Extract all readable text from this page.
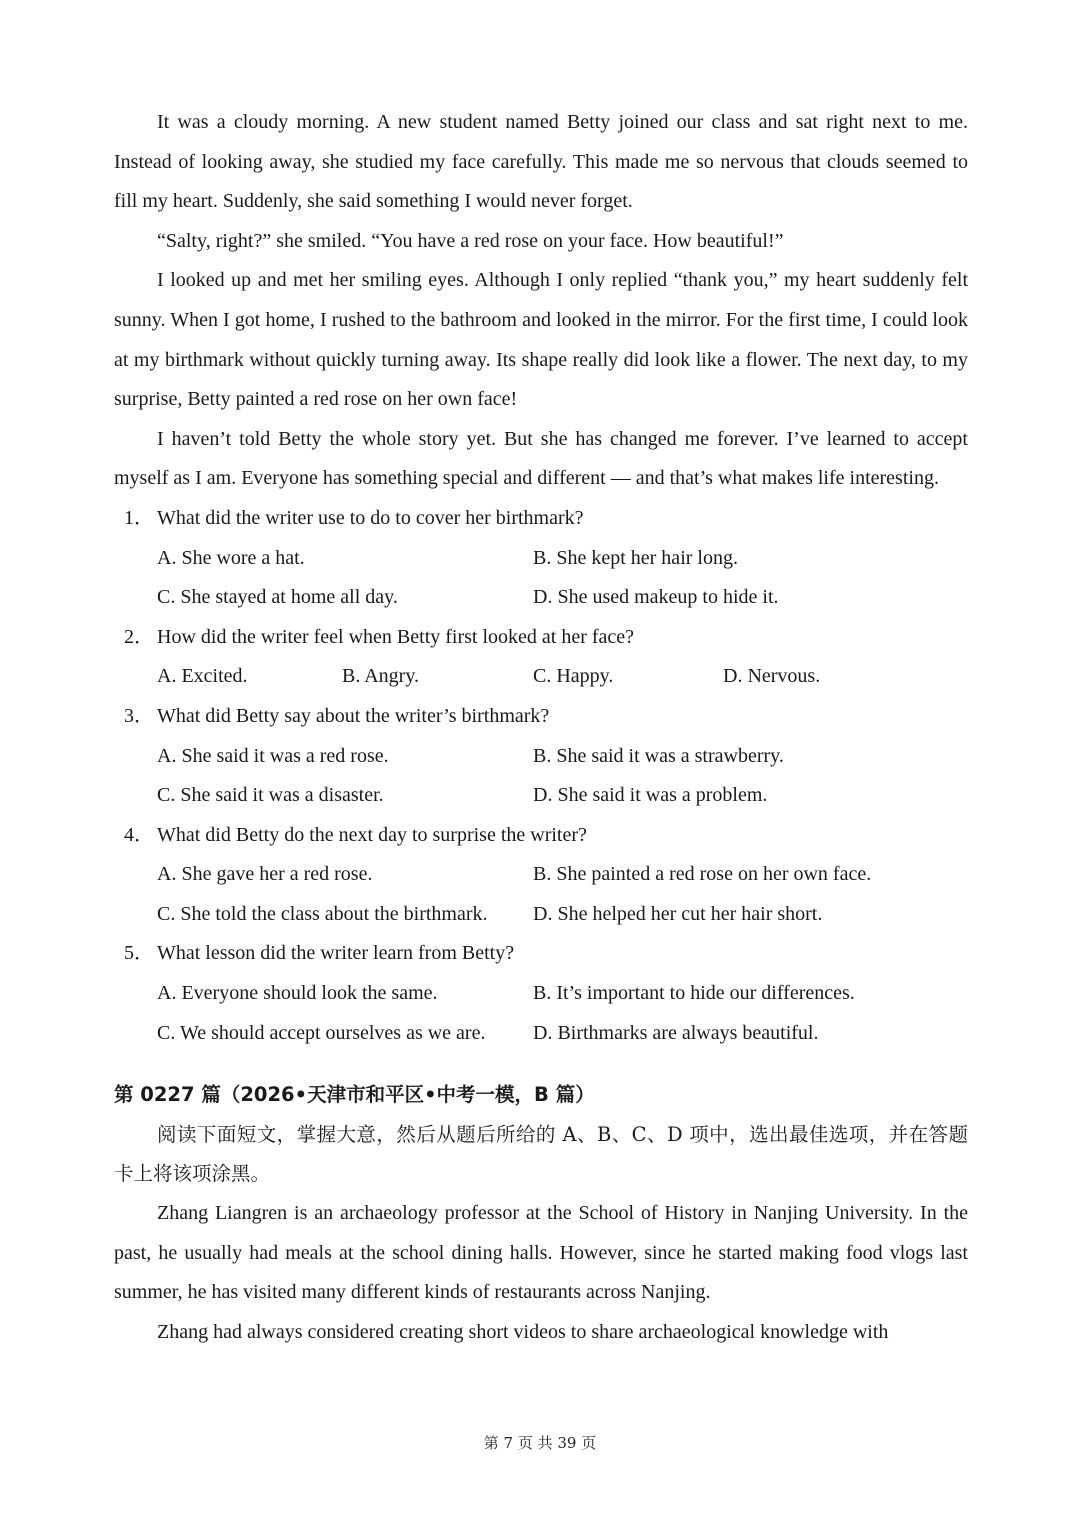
It was a cloudy morning. A new student named Betty joined our class and sat right next to me. Instead of looking away, she studied my face carefully. This made me so nervous that clouds seemed to fill my heart. Suddenly, she said something I would never forget.

“Salty, right?” she smiled. “You have a red rose on your face. How beautiful!”

I looked up and met her smiling eyes. Although I only replied “thank you,” my heart suddenly felt sunny. When I got home, I rushed to the bathroom and looked in the mirror. For the first time, I could look at my birthmark without quickly turning away. Its shape really did look like a flower. The next day, to my surprise, Betty painted a red rose on her own face!

I haven’t told Betty the whole story yet. But she has changed me forever. I’ve learned to accept myself as I am. Everyone has something special and different — and that’s what makes life interesting.

1． What did the writer use to do to cover her birthmark?
A. She wore a hat.	B. She kept her hair long.
C. She stayed at home all day.	D. She used makeup to hide it.
2． How did the writer feel when Betty first looked at her face?
A. Excited.	B. Angry.	C. Happy.	D. Nervous.
3． What did Betty say about the writer’s birthmark?
A. She said it was a red rose.	B. She said it was a strawberry.
C. She said it was a disaster.	D. She said it was a problem.
4． What did Betty do the next day to surprise the writer?
A. She gave her a red rose.	B. She painted a red rose on her own face.
C. She told the class about the birthmark. D. She helped her cut her hair short.
5． What lesson did the writer learn from Betty?
A. Everyone should look the same.	B. It’s important to hide our differences.
C. We should accept ourselves as we are. D. Birthmarks are always beautiful.
第 0227 篇（2026•天津市和平区•中考一模，B 篇）

阅读下面短文，掌握大意，然后从题后所给的 A、B、C、D 项中，选出最佳选项，并在答题卡上将该项涂黑。

Zhang Liangren is an archaeology professor at the School of History in Nanjing University. In the past, he usually had meals at the school dining halls. However, since he started making food vlogs last summer, he has visited many different kinds of restaurants across Nanjing.

Zhang had always considered creating short videos to share archaeological knowledge with

第 7 页 共 39 页
